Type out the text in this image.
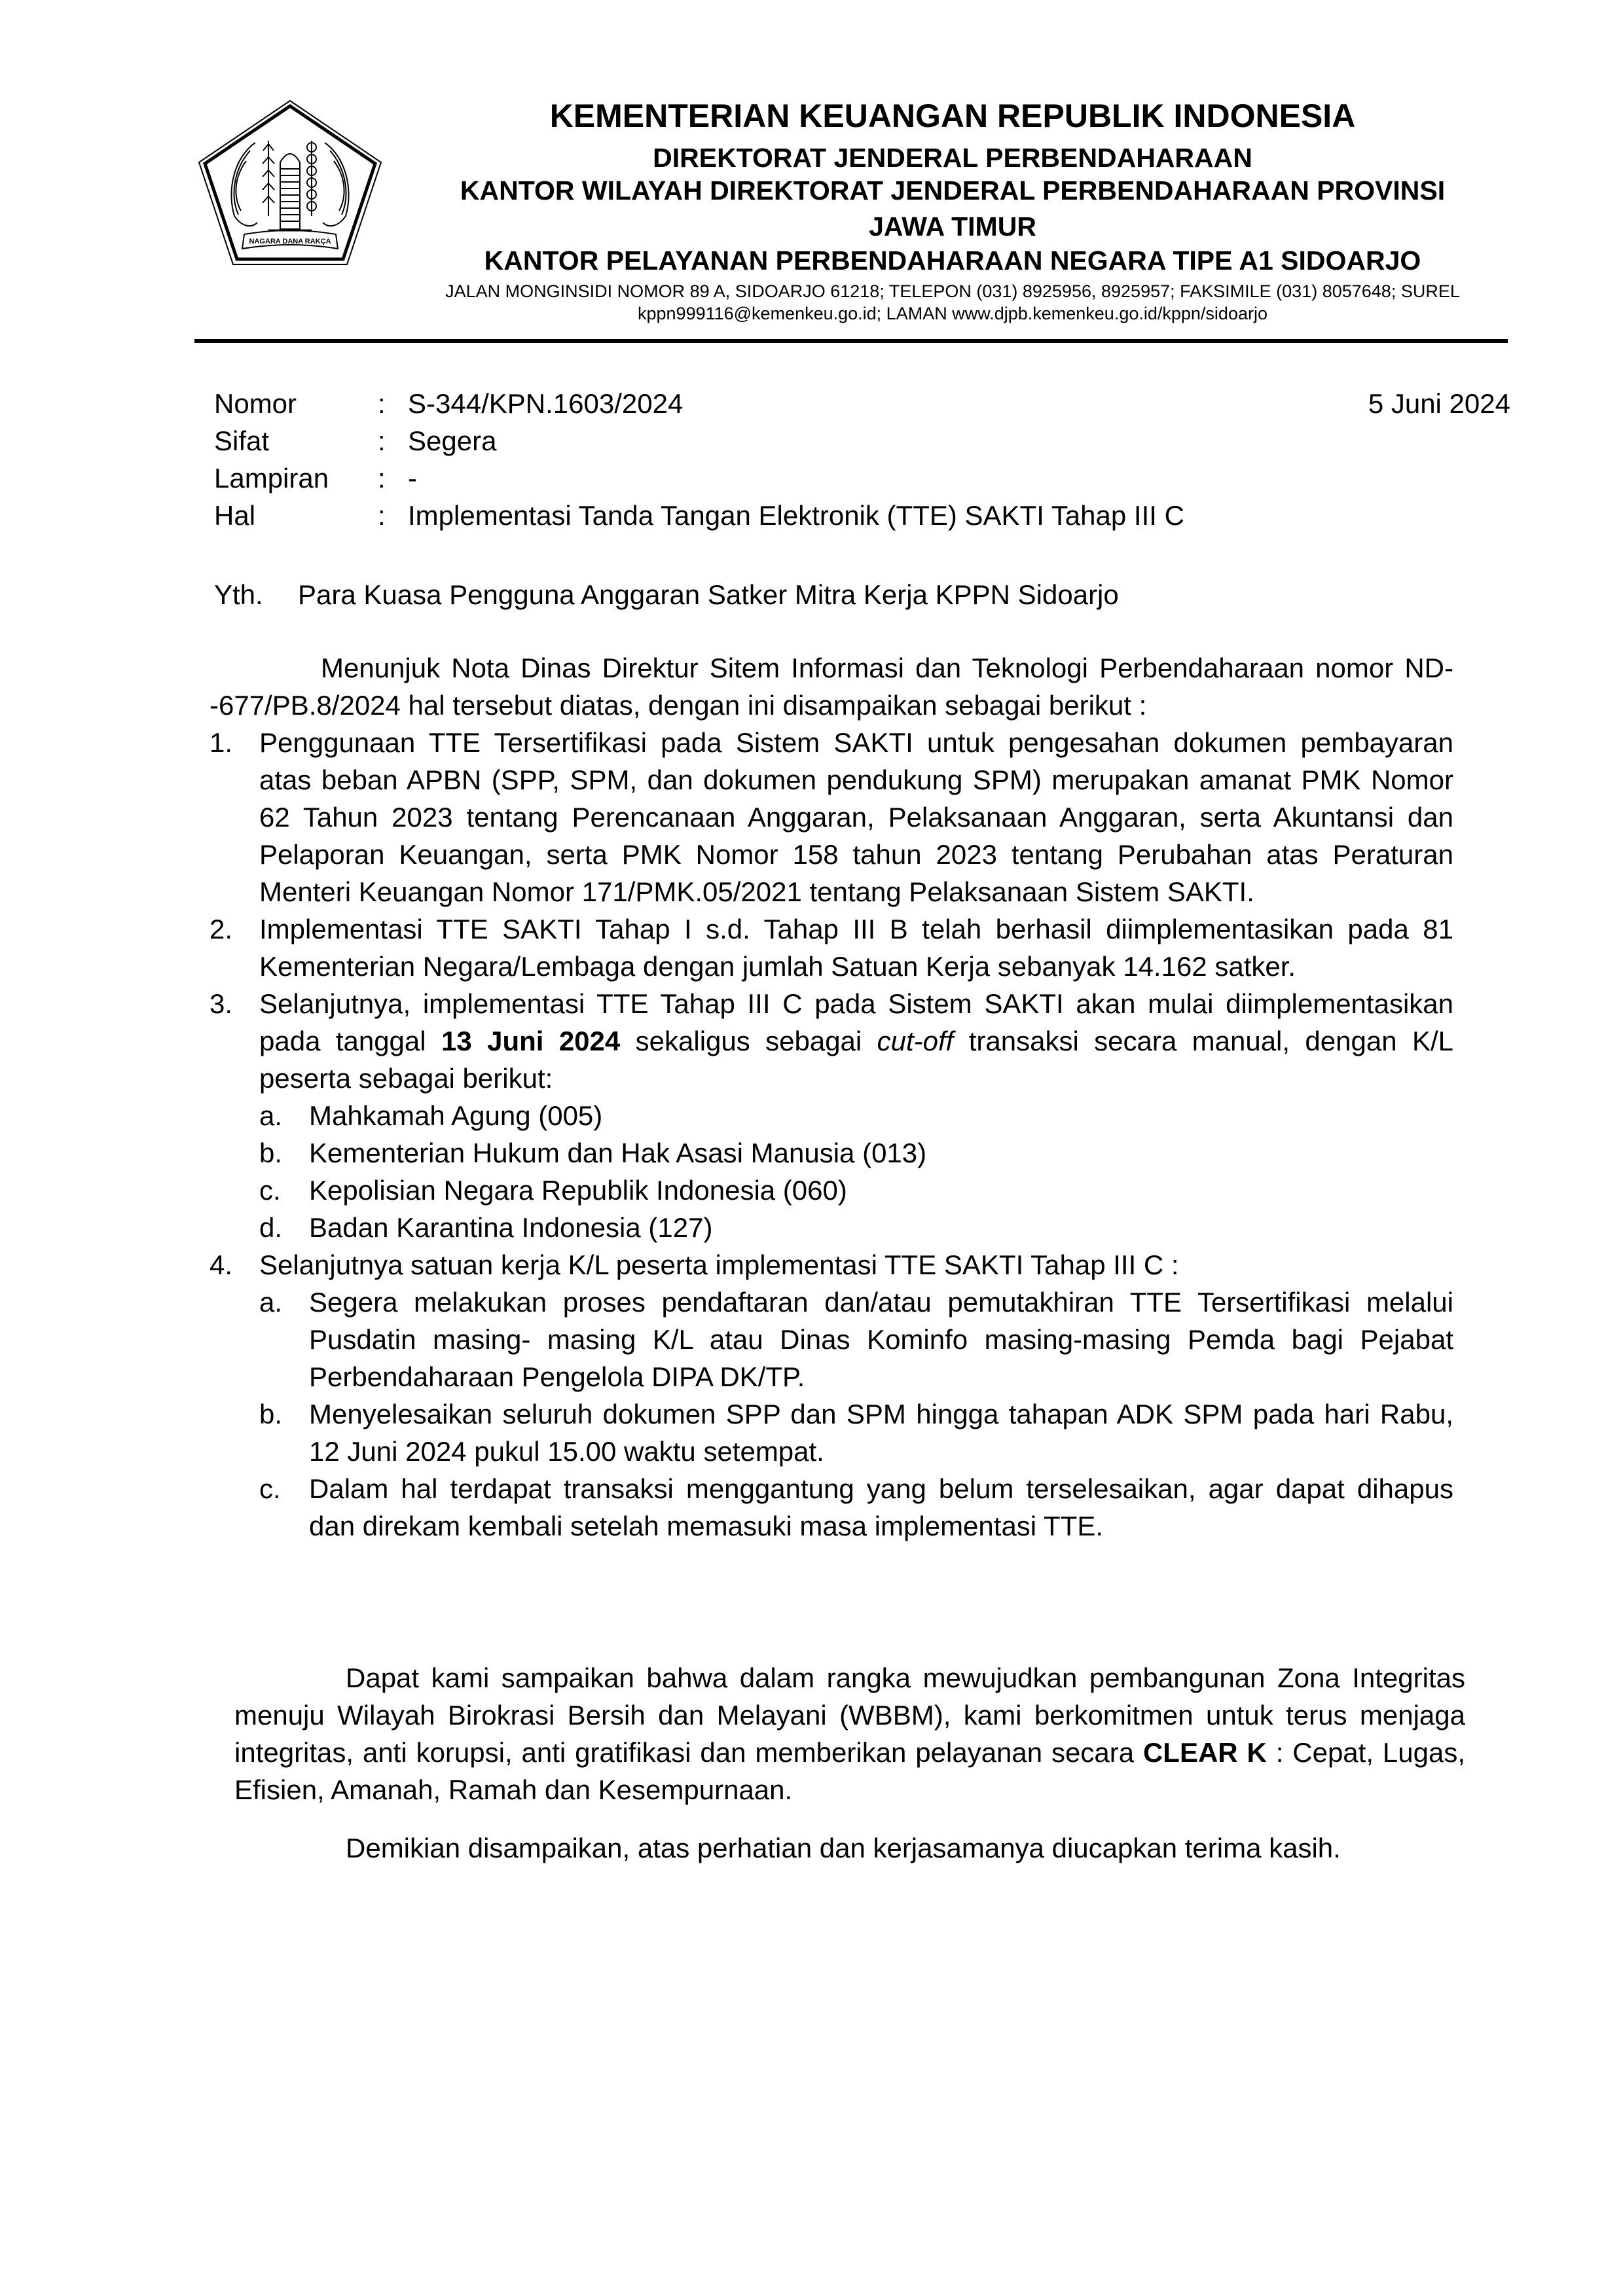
NAGARA DANA RAKÇA
KEMENTERIAN KEUANGAN REPUBLIK INDONESIA
DIREKTORAT JENDERAL PERBENDAHARAAN
KANTOR WILAYAH DIREKTORAT JENDERAL PERBENDAHARAAN PROVINSI
JAWA TIMUR
KANTOR PELAYANAN PERBENDAHARAAN NEGARA TIPE A1 SIDOARJO
JALAN MONGINSIDI NOMOR 89 A, SIDOARJO 61218; TELEPON (031) 8925956, 8925957; FAKSIMILE (031) 8057648; SUREL
kppn999116@kemenkeu.go.id; LAMAN www.djpb.kemenkeu.go.id/kppn/sidoarjo
5 Juni 2024
Nomor	: S-344/KPN.1603/2024
Sifat	: Segera
Lampiran : -
Hal	: Implementasi Tanda Tangan Elektronik (TTE) SAKTI Tahap III C
Yth. Para Kuasa Pengguna Anggaran Satker Mitra Kerja KPPN Sidoarjo

Menunjuk Nota Dinas Direktur Sitem Informasi dan Teknologi Perbendaharaan nomor ND--677/PB.8/2024 hal tersebut diatas, dengan ini disampaikan sebagai berikut :

1. Penggunaan TTE Tersertifikasi pada Sistem SAKTI untuk pengesahan dokumen pembayaran atas beban APBN (SPP, SPM, dan dokumen pendukung SPM) merupakan amanat PMK Nomor 62 Tahun 2023 tentang Perencanaan Anggaran, Pelaksanaan Anggaran, serta Akuntansi dan Pelaporan Keuangan, serta PMK Nomor 158 tahun 2023 tentang Perubahan atas Peraturan Menteri Keuangan Nomor 171/PMK.05/2021 tentang Pelaksanaan Sistem SAKTI.
2. Implementasi TTE SAKTI Tahap I s.d. Tahap III B telah berhasil diimplementasikan pada 81 Kementerian Negara/Lembaga dengan jumlah Satuan Kerja sebanyak 14.162 satker.
3. Selanjutnya, implementasi TTE Tahap III C pada Sistem SAKTI akan mulai diimplementasikan pada tanggal 13 Juni 2024 sekaligus sebagai cut-off transaksi secara manual, dengan K/L peserta sebagai berikut:
a. Mahkamah Agung (005)
b. Kementerian Hukum dan Hak Asasi Manusia (013)
c. Kepolisian Negara Republik Indonesia (060)
d. Badan Karantina Indonesia (127)
4. Selanjutnya satuan kerja K/L peserta implementasi TTE SAKTI Tahap III C :
a. Segera melakukan proses pendaftaran dan/atau pemutakhiran TTE Tersertifikasi melalui Pusdatin masing- masing K/L atau Dinas Kominfo masing-masing Pemda bagi Pejabat Perbendaharaan Pengelola DIPA DK/TP.
b. Menyelesaikan seluruh dokumen SPP dan SPM hingga tahapan ADK SPM pada hari Rabu, 12 Juni 2024 pukul 15.00 waktu setempat.
c. Dalam hal terdapat transaksi menggantung yang belum terselesaikan, agar dapat dihapus dan direkam kembali setelah memasuki masa implementasi TTE.

Dapat kami sampaikan bahwa dalam rangka mewujudkan pembangunan Zona Integritas menuju Wilayah Birokrasi Bersih dan Melayani (WBBM), kami berkomitmen untuk terus menjaga integritas, anti korupsi, anti gratifikasi dan memberikan pelayanan secara CLEAR K : Cepat, Lugas, Efisien, Amanah, Ramah dan Kesempurnaan.

Demikian disampaikan, atas perhatian dan kerjasamanya diucapkan terima kasih.
